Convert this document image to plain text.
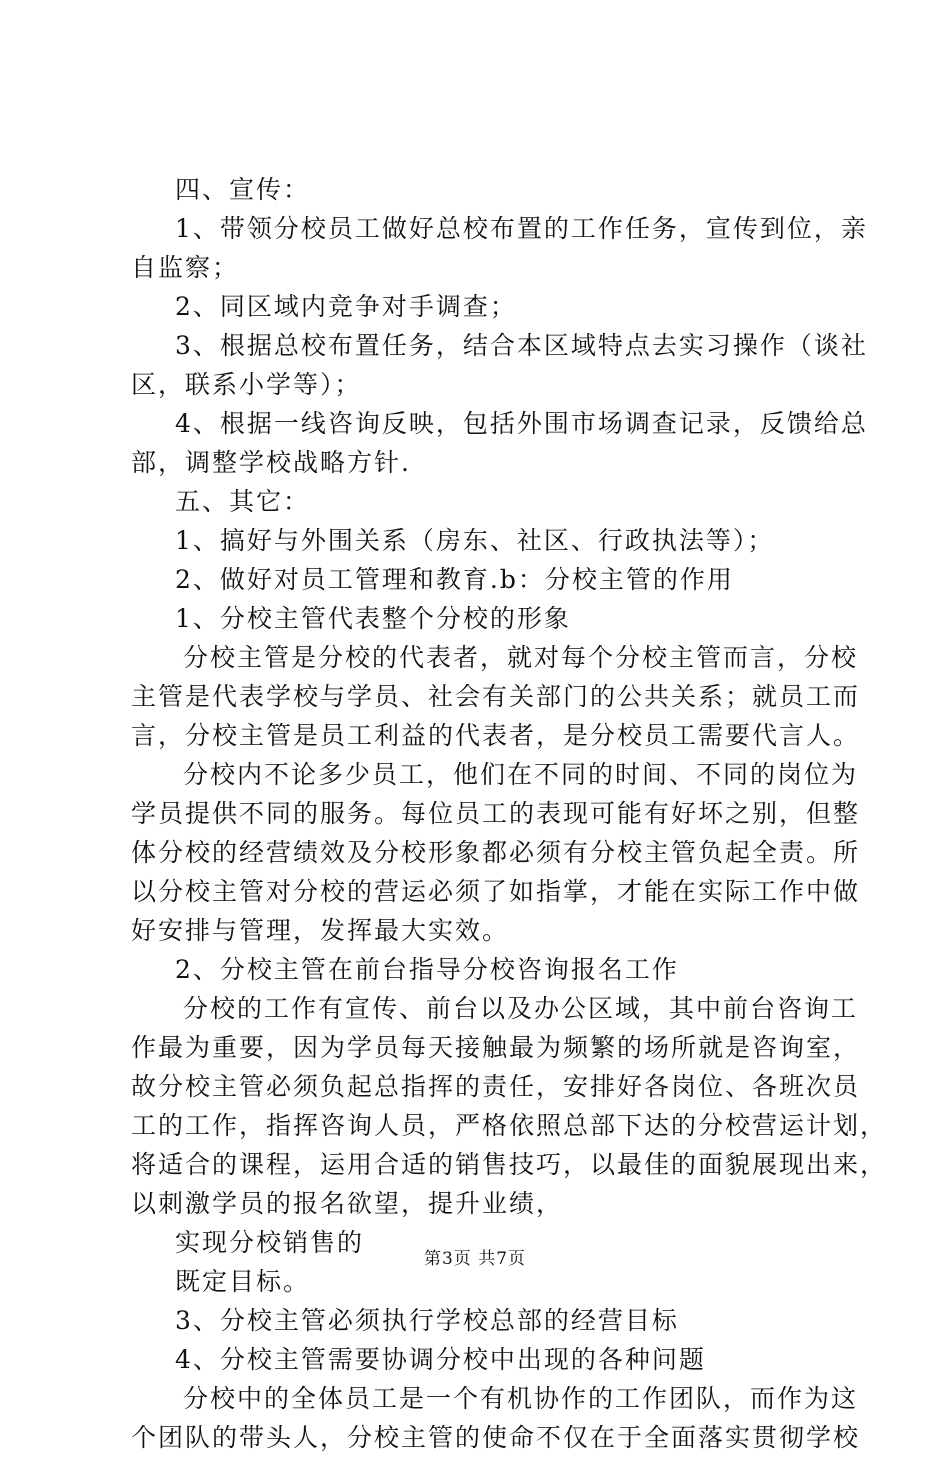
四、宣传：
1、带领分校员工做好总校布置的工作任务，宣传到位，亲
自监察；
2、同区域内竞争对手调查；
3、根据总校布置任务，结合本区域特点去实习操作（谈社
区，联系小学等）；
4、根据一线咨询反映，包括外围市场调查记录，反馈给总
部，调整学校战略方针.
五、其它：
1、搞好与外围关系（房东、社区、行政执法等）；
2、做好对员工管理和教育.b：分校主管的作用
1、分校主管代表整个分校的形象
分校主管是分校的代表者，就对每个分校主管而言，分校
主管是代表学校与学员、社会有关部门的公共关系；就员工而
言，分校主管是员工利益的代表者，是分校员工需要代言人。
分校内不论多少员工，他们在不同的时间、不同的岗位为
学员提供不同的服务。每位员工的表现可能有好坏之别，但整
体分校的经营绩效及分校形象都必须有分校主管负起全责。所
以分校主管对分校的营运必须了如指掌，才能在实际工作中做
好安排与管理，发挥最大实效。
2、分校主管在前台指导分校咨询报名工作
分校的工作有宣传、前台以及办公区域，其中前台咨询工
作最为重要，因为学员每天接触最为频繁的场所就是咨询室，
故分校主管必须负起总指挥的责任，安排好各岗位、各班次员
工的工作，指挥咨询人员，严格依照总部下达的分校营运计划，
将适合的课程，运用合适的销售技巧，以最佳的面貌展现出来，
以刺激学员的报名欲望，提升业绩，
实现分校销售的
既定目标。
3、分校主管必须执行学校总部的经营目标
4、分校主管需要协调分校中出现的各种问题
分校中的全体员工是一个有机协作的工作团队，而作为这
个团队的带头人，分校主管的使命不仅在于全面落实贯彻学校
第3页 共7页
